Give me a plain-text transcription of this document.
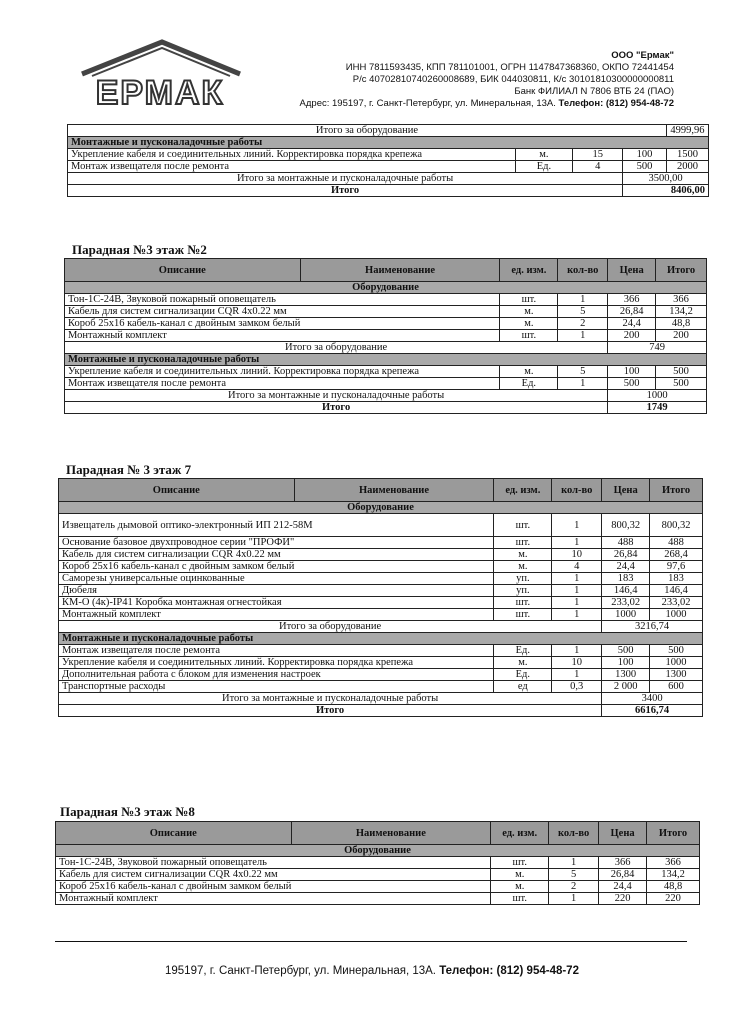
ЕРМАК
ООО "Ермак"
ИНН 7811593435, КПП 781101001, ОГРН 1147847368360, ОКПО 72441454
Р/с 40702810740260008689, БИК 044030811, К/с 30101810300000000811
Банк ФИЛИАЛ N 7806 ВТБ 24 (ПАО)
Адрес: 195197, г. Санкт-Петербург, ул. Минеральная, 13А. Телефон: (812) 954-48-72
Итого за оборудование				4999,96
Монтажные и пусконаладочные работы				
Укрепление кабеля и соединительных линий. Корректировка порядка крепежа	м.	15	100	1500
Монтаж извещателя после ремонта	Ед.	4	500	2000
Итого за монтажные и пусконаладочные работы			3500,00	
Итого			8406,00	
Парадная №3 этаж №2
Описание	Наименование	ед. изм.	кол-во	Цена	Итого
Оборудование					
Тон-1С-24В, Звуковой пожарный оповещатель		шт.	1	366	366
Кабель для систем сигнализации CQR 4x0.22 мм		м.	5	26,84	134,2
Короб 25х16 кабель-канал с двойным замком белый		м.	2	24,4	48,8
Монтажный комплект		шт.	1	200	200
Итого за оборудование				749	
Монтажные и пусконаладочные работы					
Укрепление кабеля и соединительных линий. Корректировка порядка крепежа		м.	5	100	500
Монтаж извещателя после ремонта		Ед.	1	500	500
Итого за монтажные и пусконаладочные работы				1000	
Итого				1749	
Парадная № 3 этаж 7
Описание	Наименование	ед. изм.	кол-во	Цена	Итого
Оборудование					
Извещатель дымовой оптико-электронный ИП 212-58М		шт.	1	800,32	800,32
Основание базовое двухпроводное серии "ПРОФИ"		шт.	1	488	488
Кабель для систем сигнализации CQR 4x0.22 мм		м.	10	26,84	268,4
Короб 25х16 кабель-канал с двойным замком белый		м.	4	24,4	97,6
Саморезы универсальные оцинкованные		уп.	1	183	183
Дюбеля		уп.	1	146,4	146,4
КМ-О (4к)-IP41 Коробка монтажная огнестойкая		шт.	1	233,02	233,02
Монтажный комплект		шт.	1	1000	1000
Итого за оборудование				3216,74	
Монтажные и пусконаладочные работы					
Монтаж извещателя после ремонта		Ед.	1	500	500
Укрепление кабеля и соединительных линий. Корректировка порядка крепежа		м.	10	100	1000
Дополнительная работа с блоком для изменения настроек		Ед.	1	1300	1300
Транспортные расходы		ед	0,3	2 000	600
Итого за монтажные и пусконаладочные работы				3400	
Итого				6616,74	
Парадная №3 этаж №8
Описание	Наименование	ед. изм.	кол-во	Цена	Итого
Оборудование					
Тон-1С-24В, Звуковой пожарный оповещатель		шт.	1	366	366
Кабель для систем сигнализации CQR 4x0.22 мм		м.	5	26,84	134,2
Короб 25х16 кабель-канал с двойным замком белый		м.	2	24,4	48,8
Монтажный комплект		шт.	1	220	220
195197, г. Санкт-Петербург, ул. Минеральная, 13А. Телефон: (812) 954-48-72
